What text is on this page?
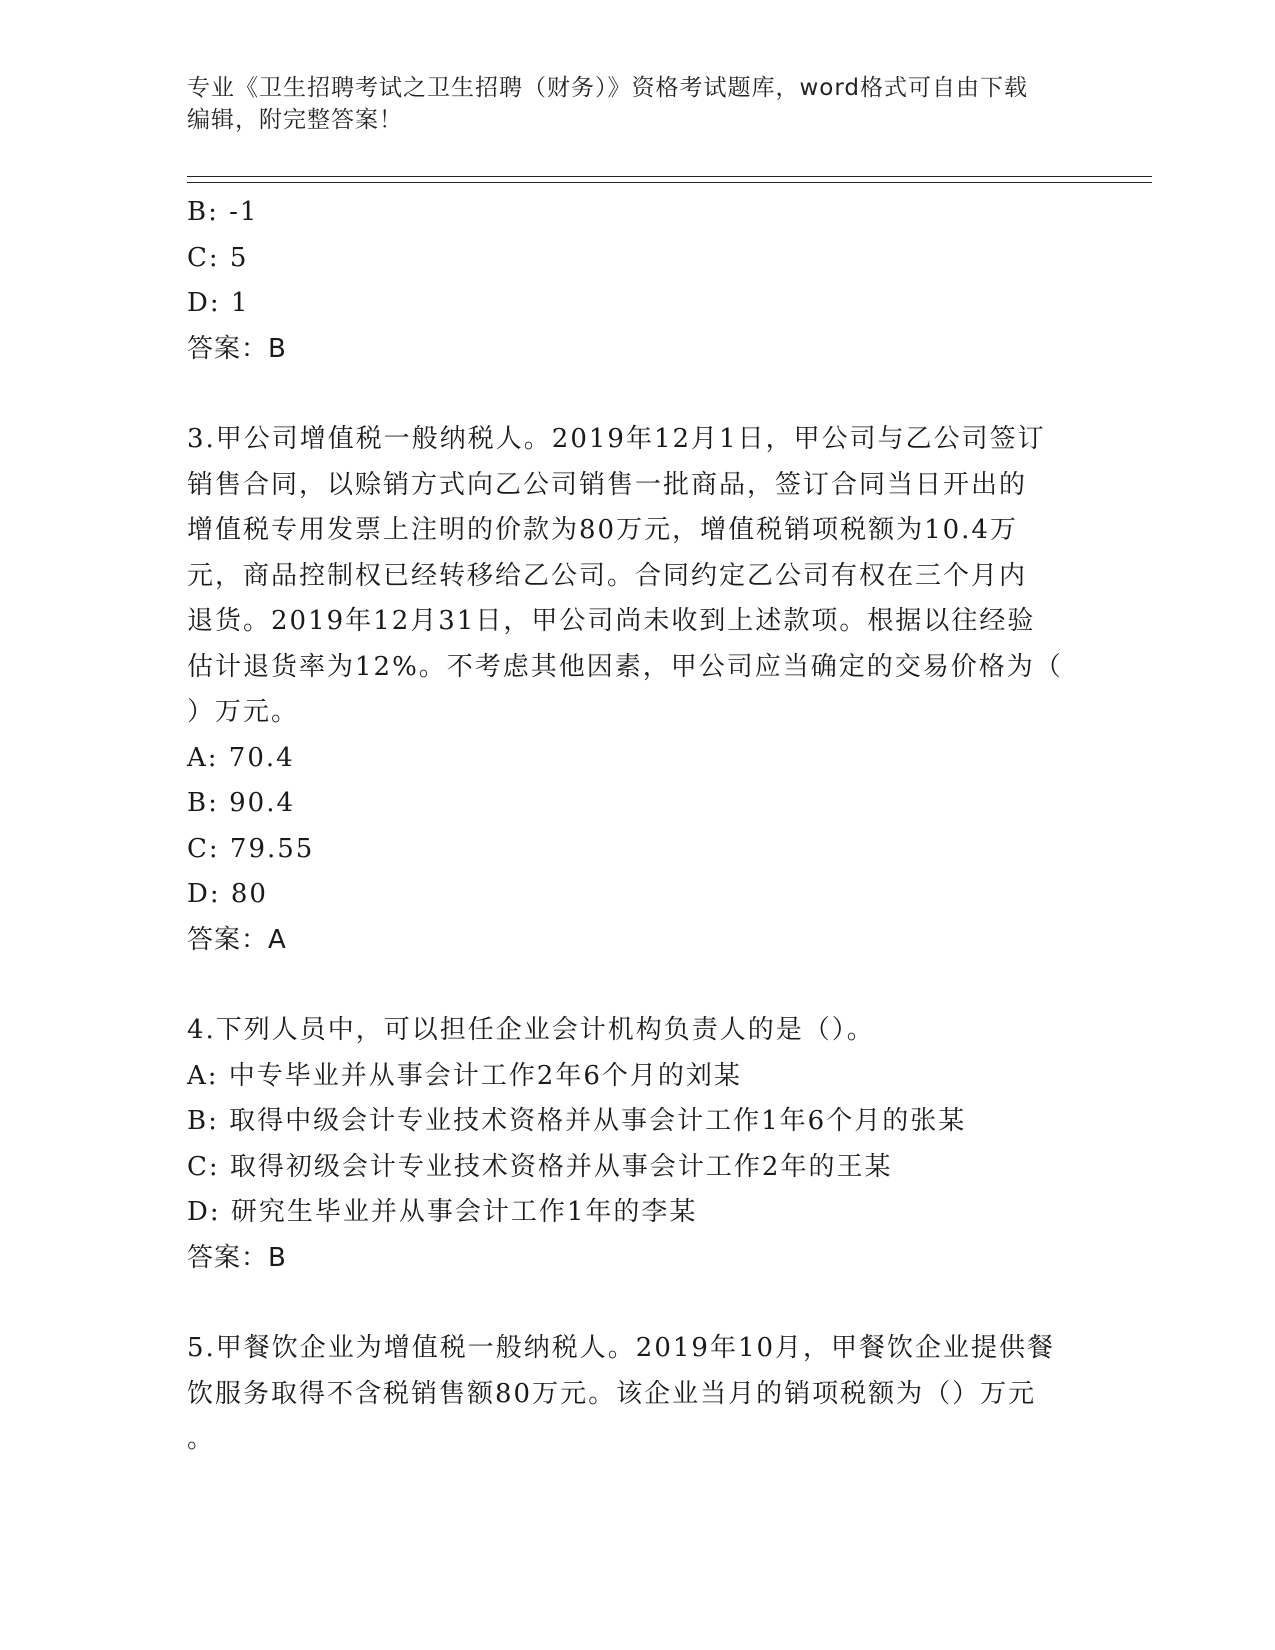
专业《卫生招聘考试之卫生招聘（财务）》资格考试题库，word格式可自由下载
编辑，附完整答案！
B: -1
C: 5
D: 1
答案：B
3.甲公司增值税一般纳税人。2019年12月1日，甲公司与乙公司签订
销售合同，以赊销方式向乙公司销售一批商品，签订合同当日开出的
增值税专用发票上注明的价款为80万元，增值税销项税额为10.4万
元，商品控制权已经转移给乙公司。合同约定乙公司有权在三个月内
退货。2019年12月31日，甲公司尚未收到上述款项。根据以往经验
估计退货率为12%。不考虑其他因素，甲公司应当确定的交易价格为（
）万元。
A: 70.4
B: 90.4
C: 79.55
D: 80
答案：A
4.下列人员中，可以担任企业会计机构负责人的是（）。
A: 中专毕业并从事会计工作2年6个月的刘某
B: 取得中级会计专业技术资格并从事会计工作1年6个月的张某
C: 取得初级会计专业技术资格并从事会计工作2年的王某
D: 研究生毕业并从事会计工作1年的李某
答案：B
5.甲餐饮企业为增值税一般纳税人。2019年10月，甲餐饮企业提供餐
饮服务取得不含税销售额80万元。该企业当月的销项税额为（）万元
。
